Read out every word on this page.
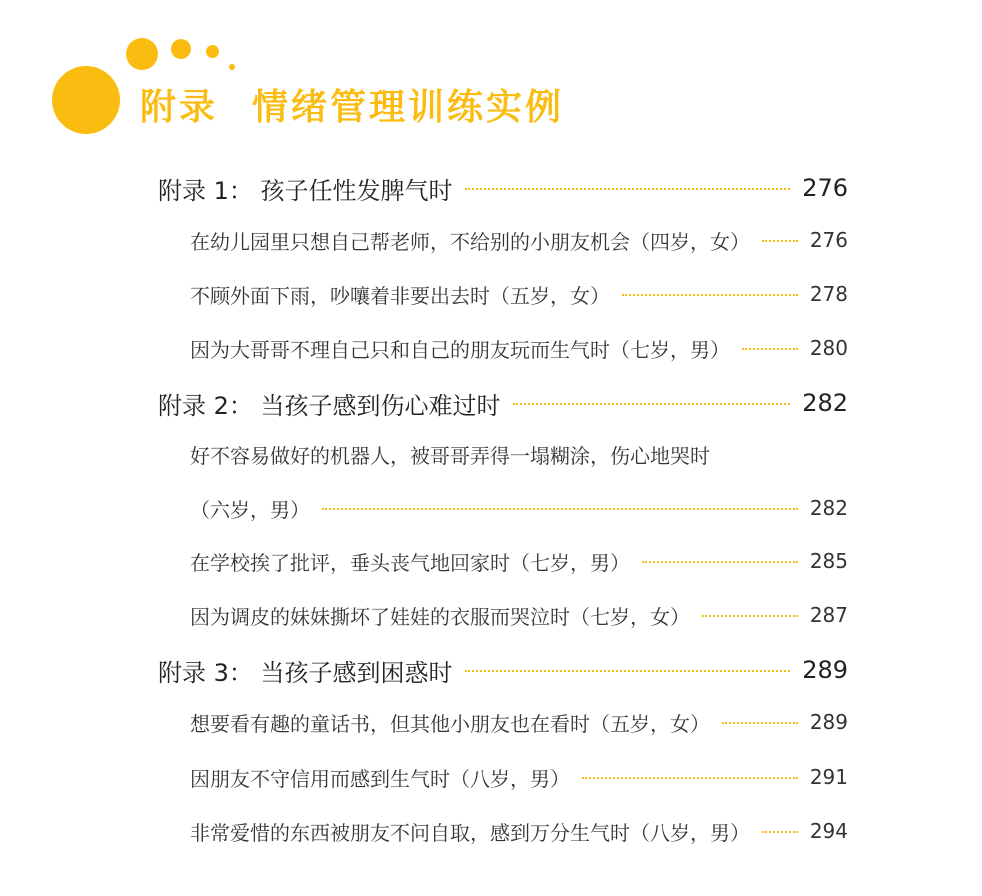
附录 情绪管理训练实例
附录 1： 孩子任性发脾气时	276
在幼儿园里只想自己帮老师，不给别的小朋友机会（四岁，女）	276
不顾外面下雨，吵嚷着非要出去时（五岁，女）	278
因为大哥哥不理自己只和自己的朋友玩而生气时（七岁，男）	280
附录 2： 当孩子感到伤心难过时	282
好不容易做好的机器人，被哥哥弄得一塌糊涂，伤心地哭时
（六岁，男）	282
在学校挨了批评，垂头丧气地回家时（七岁，男）	285
因为调皮的妹妹撕坏了娃娃的衣服而哭泣时（七岁，女）	287
附录 3： 当孩子感到困惑时	289
想要看有趣的童话书，但其他小朋友也在看时（五岁，女）	289
因朋友不守信用而感到生气时（八岁，男）	291
非常爱惜的东西被朋友不问自取，感到万分生气时（八岁，男）	294
